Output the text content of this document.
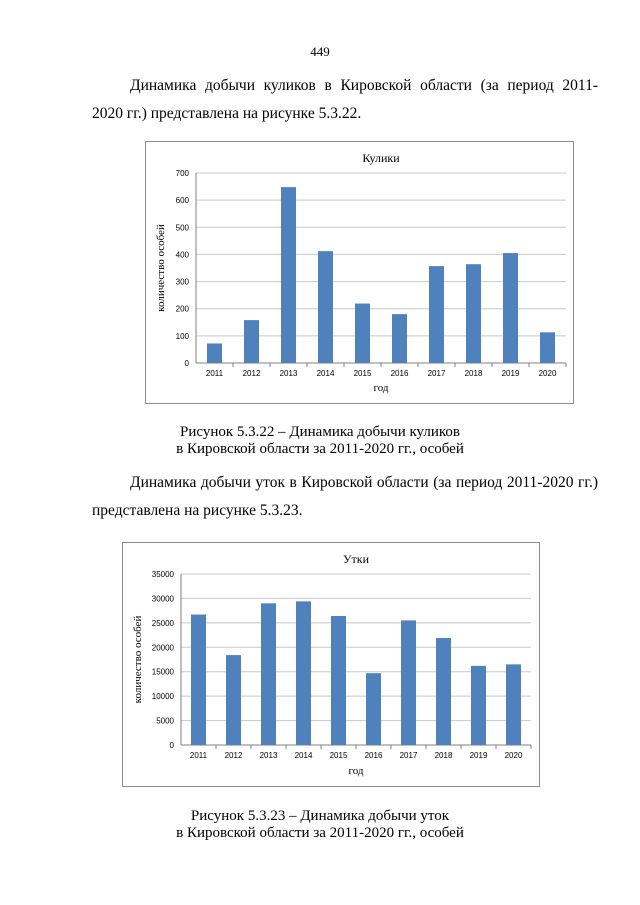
449

Динамика добычи куликов в Кировской области (за период 2011-
2020 гг.) представлена на рисунке 5.3.22.

0
100
200
300
400
500
600
700
2011 2012 2013 2014 2015 2016 2017 2018 2019 2020
Кулики
год
количество особей
Рисунок 5.3.22 – Динамика добычи куликов
в Кировской области за 2011-2020 гг., особей

Динамика добычи уток в Кировской области (за период 2011-2020 гг.)
представлена на рисунке 5.3.23.

0
5000
10000
15000
20000
25000
30000
35000
2011 2012 2013 2014 2015 2016 2017 2018 2019 2020
Утки
год
количество особей
Рисунок 5.3.23 – Динамика добычи уток
в Кировской области за 2011-2020 гг., особей
